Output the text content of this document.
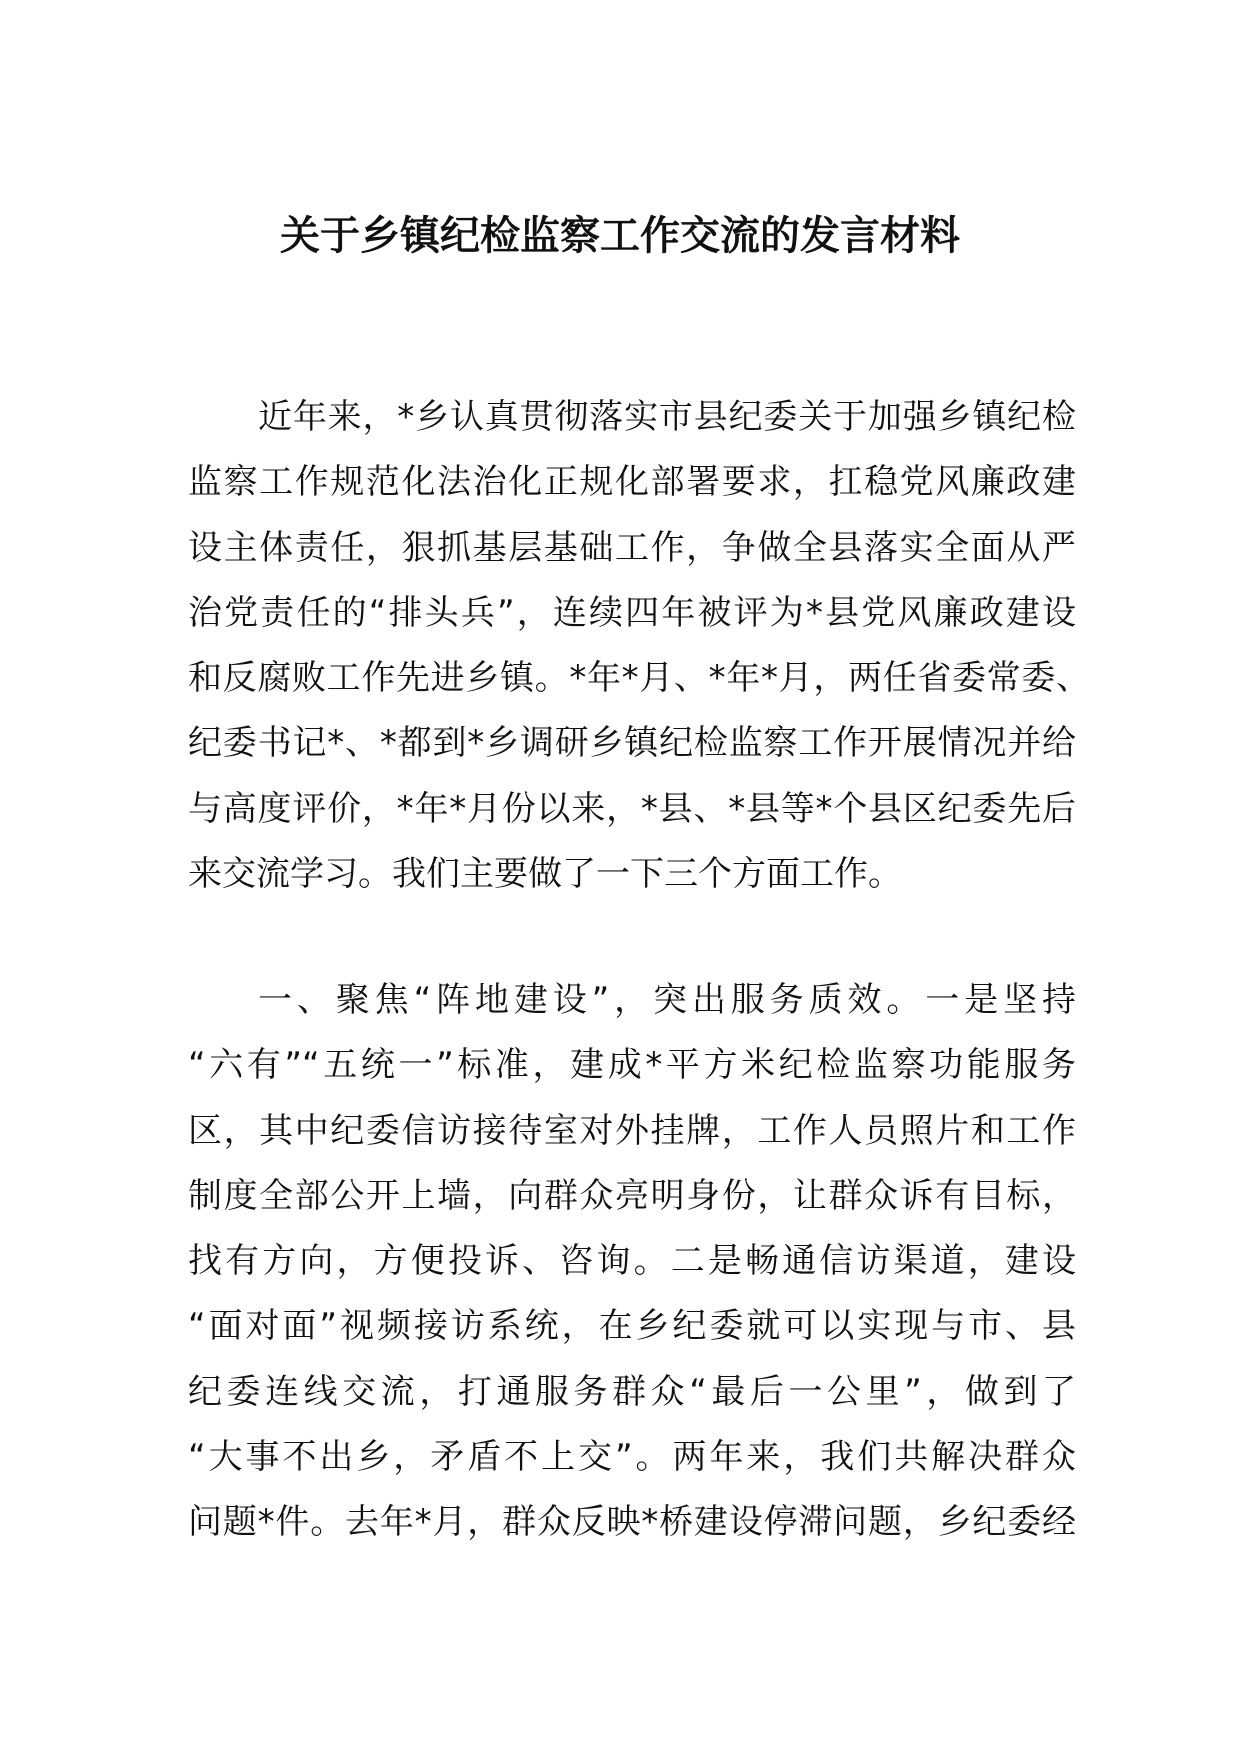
关于乡镇纪检监察工作交流的发言材料
近年来，*乡认真贯彻落实市县纪委关于加强乡镇纪检
监察工作规范化法治化正规化部署要求，扛稳党风廉政建
设主体责任，狠抓基层基础工作，争做全县落实全面从严
治党责任的“排头兵”，连续四年被评为*县党风廉政建设
和反腐败工作先进乡镇。*年*月、*年*月，两任省委常委、
纪委书记*、*都到*乡调研乡镇纪检监察工作开展情况并给
与高度评价，*年*月份以来，*县、*县等*个县区纪委先后
来交流学习。我们主要做了一下三个方面工作。
一、聚焦“阵地建设”，突出服务质效。一是坚持
“六有”“五统一”标准，建成*平方米纪检监察功能服务
区，其中纪委信访接待室对外挂牌，工作人员照片和工作
制度全部公开上墙，向群众亮明身份，让群众诉有目标，
找有方向，方便投诉、咨询。二是畅通信访渠道，建设
“面对面”视频接访系统，在乡纪委就可以实现与市、县
纪委连线交流，打通服务群众“最后一公里”，做到了
“大事不出乡，矛盾不上交”。两年来，我们共解决群众
问题*件。去年*月，群众反映*桥建设停滞问题，乡纪委经
